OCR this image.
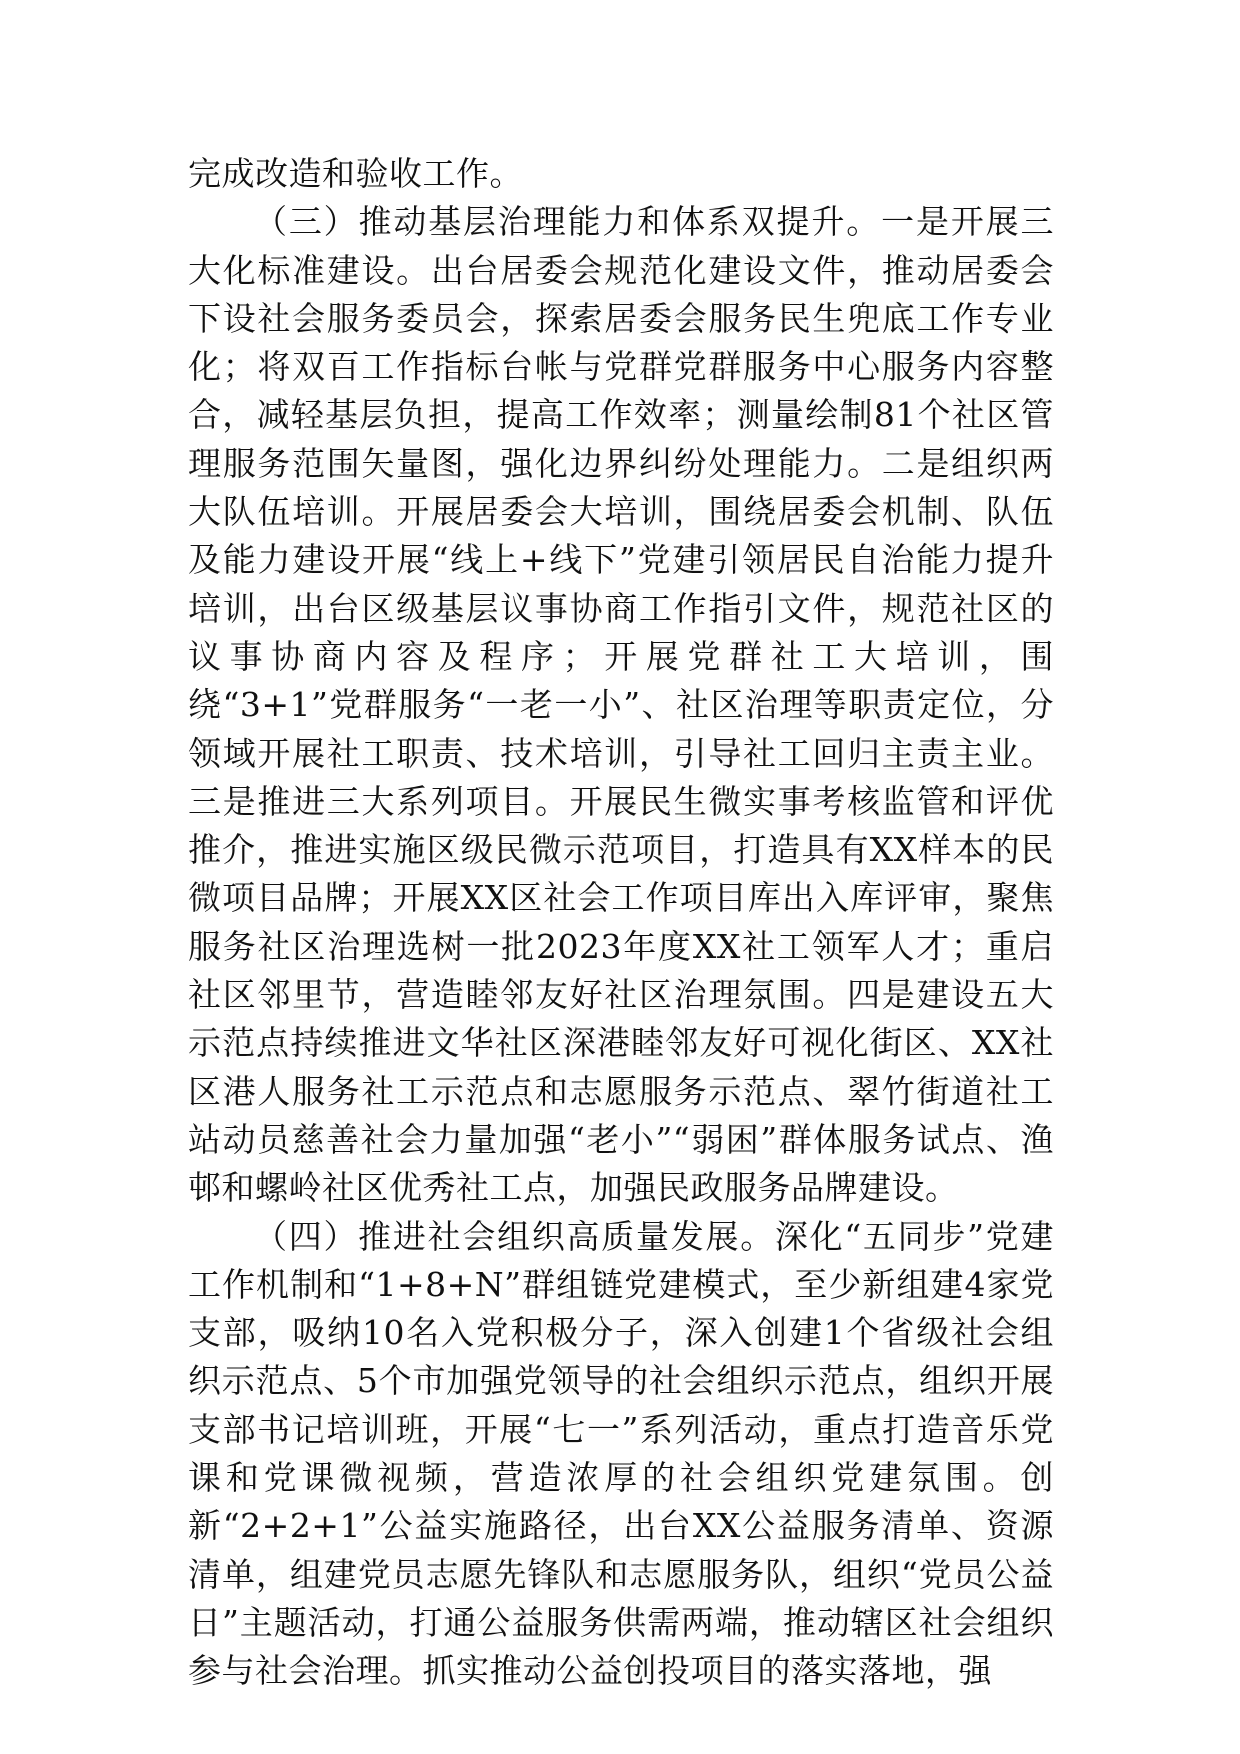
完成改造和验收工作。

（三）推动基层治理能力和体系双提升。一是开展三大化标准建设。出台居委会规范化建设文件，推动居委会下设社会服务委员会，探索居委会服务民生兜底工作专业化；将双百工作指标台帐与党群党群服务中心服务内容整合，减轻基层负担，提高工作效率；测量绘制81个社区管理服务范围矢量图，强化边界纠纷处理能力。二是组织两大队伍培训。开展居委会大培训，围绕居委会机制、队伍及能力建设开展“线上+线下”党建引领居民自治能力提升培训，出台区级基层议事协商工作指引文件，规范社区的议事协商内容及程序；开展党群社工大培训，围绕“3+1”党群服务“一老一小”、社区治理等职责定位，分领域开展社工职责、技术培训，引导社工回归主责主业。三是推进三大系列项目。开展民生微实事考核监管和评优推介，推进实施区级民微示范项目，打造具有XX样本的民微项目品牌；开展XX区社会工作项目库出入库评审，聚焦服务社区治理选树一批2023年度XX社工领军人才；重启社区邻里节，营造睦邻友好社区治理氛围。四是建设五大示范点持续推进文华社区深港睦邻友好可视化街区、XX社区港人服务社工示范点和志愿服务示范点、翠竹街道社工站动员慈善社会力量加强“老小”“弱困”群体服务试点、渔邨和螺岭社区优秀社工点，加强民政服务品牌建设。

（四）推进社会组织高质量发展。深化“五同步”党建工作机制和“1+8+N”群组链党建模式，至少新组建4家党支部，吸纳10名入党积极分子，深入创建1个省级社会组织示范点、5个市加强党领导的社会组织示范点，组织开展支部书记培训班，开展“七一”系列活动，重点打造音乐党课和党课微视频，营造浓厚的社会组织党建氛围。创新“2+2+1”公益实施路径，出台XX公益服务清单、资源清单，组建党员志愿先锋队和志愿服务队，组织“党员公益日”主题活动，打通公益服务供需两端，推动辖区社会组织参与社会治理。抓实推动公益创投项目的落实落地，强
